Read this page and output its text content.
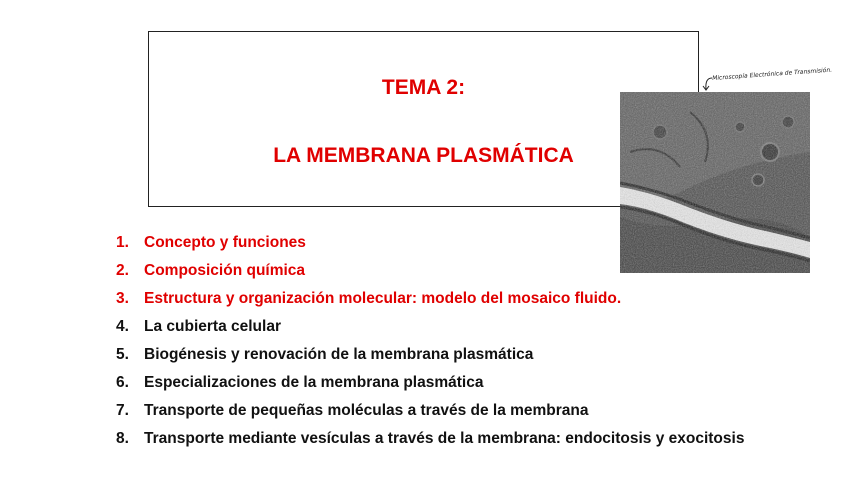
TEMA 2:
LA MEMBRANA PLASMÁTICA
Microscopía Electrónica de Transmisión.
1. Concepto y funciones
2. Composición química
3. Estructura y organización molecular: modelo del mosaico fluido.
4. La cubierta celular
5. Biogénesis y renovación de la membrana plasmática
6. Especializaciones de la membrana plasmática
7. Transporte de pequeñas moléculas a través de la membrana
8. Transporte mediante vesículas a través de la membrana: endocitosis y exocitosis
